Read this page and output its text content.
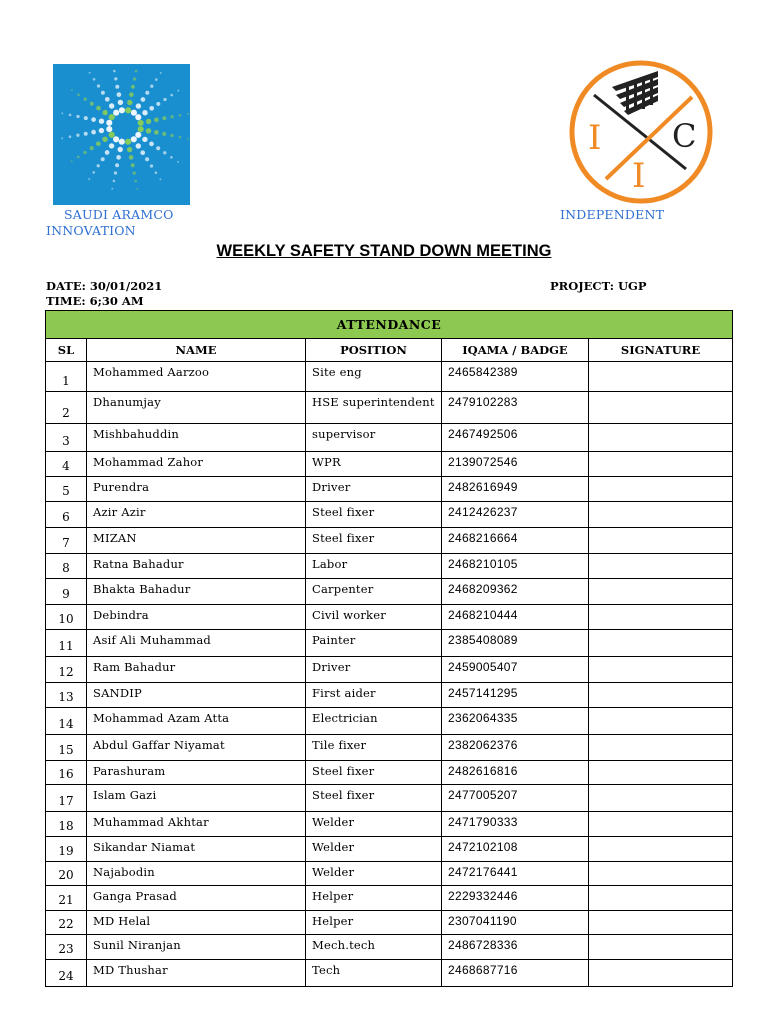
SAUDI ARAMCO
INNOVATION
I C
I
INDEPENDENT
WEEKLY SAFETY STAND DOWN MEETING
DATE: 30/01/2021
TIME: 6;30 AM
PROJECT: UGP
ATTENDANCE				
SL	NAME	POSITION	IQAMA / BADGE	SIGNATURE
1	Mohammed Aarzoo	Site eng	2465842389	
2	Dhanumjay	HSE superintendent	2479102283	
3	Mishbahuddin	supervisor	2467492506	
4	Mohammad Zahor	WPR	2139072546	
5	Purendra	Driver	2482616949	
6	Azir Azir	Steel fixer	2412426237	
7	MIZAN	Steel fixer	2468216664	
8	Ratna Bahadur	Labor	2468210105	
9	Bhakta Bahadur	Carpenter	2468209362	
10	Debindra	Civil worker	2468210444	
11	Asif Ali Muhammad	Painter	2385408089	
12	Ram Bahadur	Driver	2459005407	
13	SANDIP	First aider	2457141295	
14	Mohammad Azam Atta	Electrician	2362064335	
15	Abdul Gaffar Niyamat	Tile fixer	2382062376	
16	Parashuram	Steel fixer	2482616816	
17	Islam Gazi	Steel fixer	2477005207	
18	Muhammad Akhtar	Welder	2471790333	
19	Sikandar Niamat	Welder	2472102108	
20	Najabodin	Welder	2472176441	
21	Ganga Prasad	Helper	2229332446	
22	MD Helal	Helper	2307041190	
23	Sunil Niranjan	Mech.tech	2486728336	
24	MD Thushar	Tech	2468687716	
